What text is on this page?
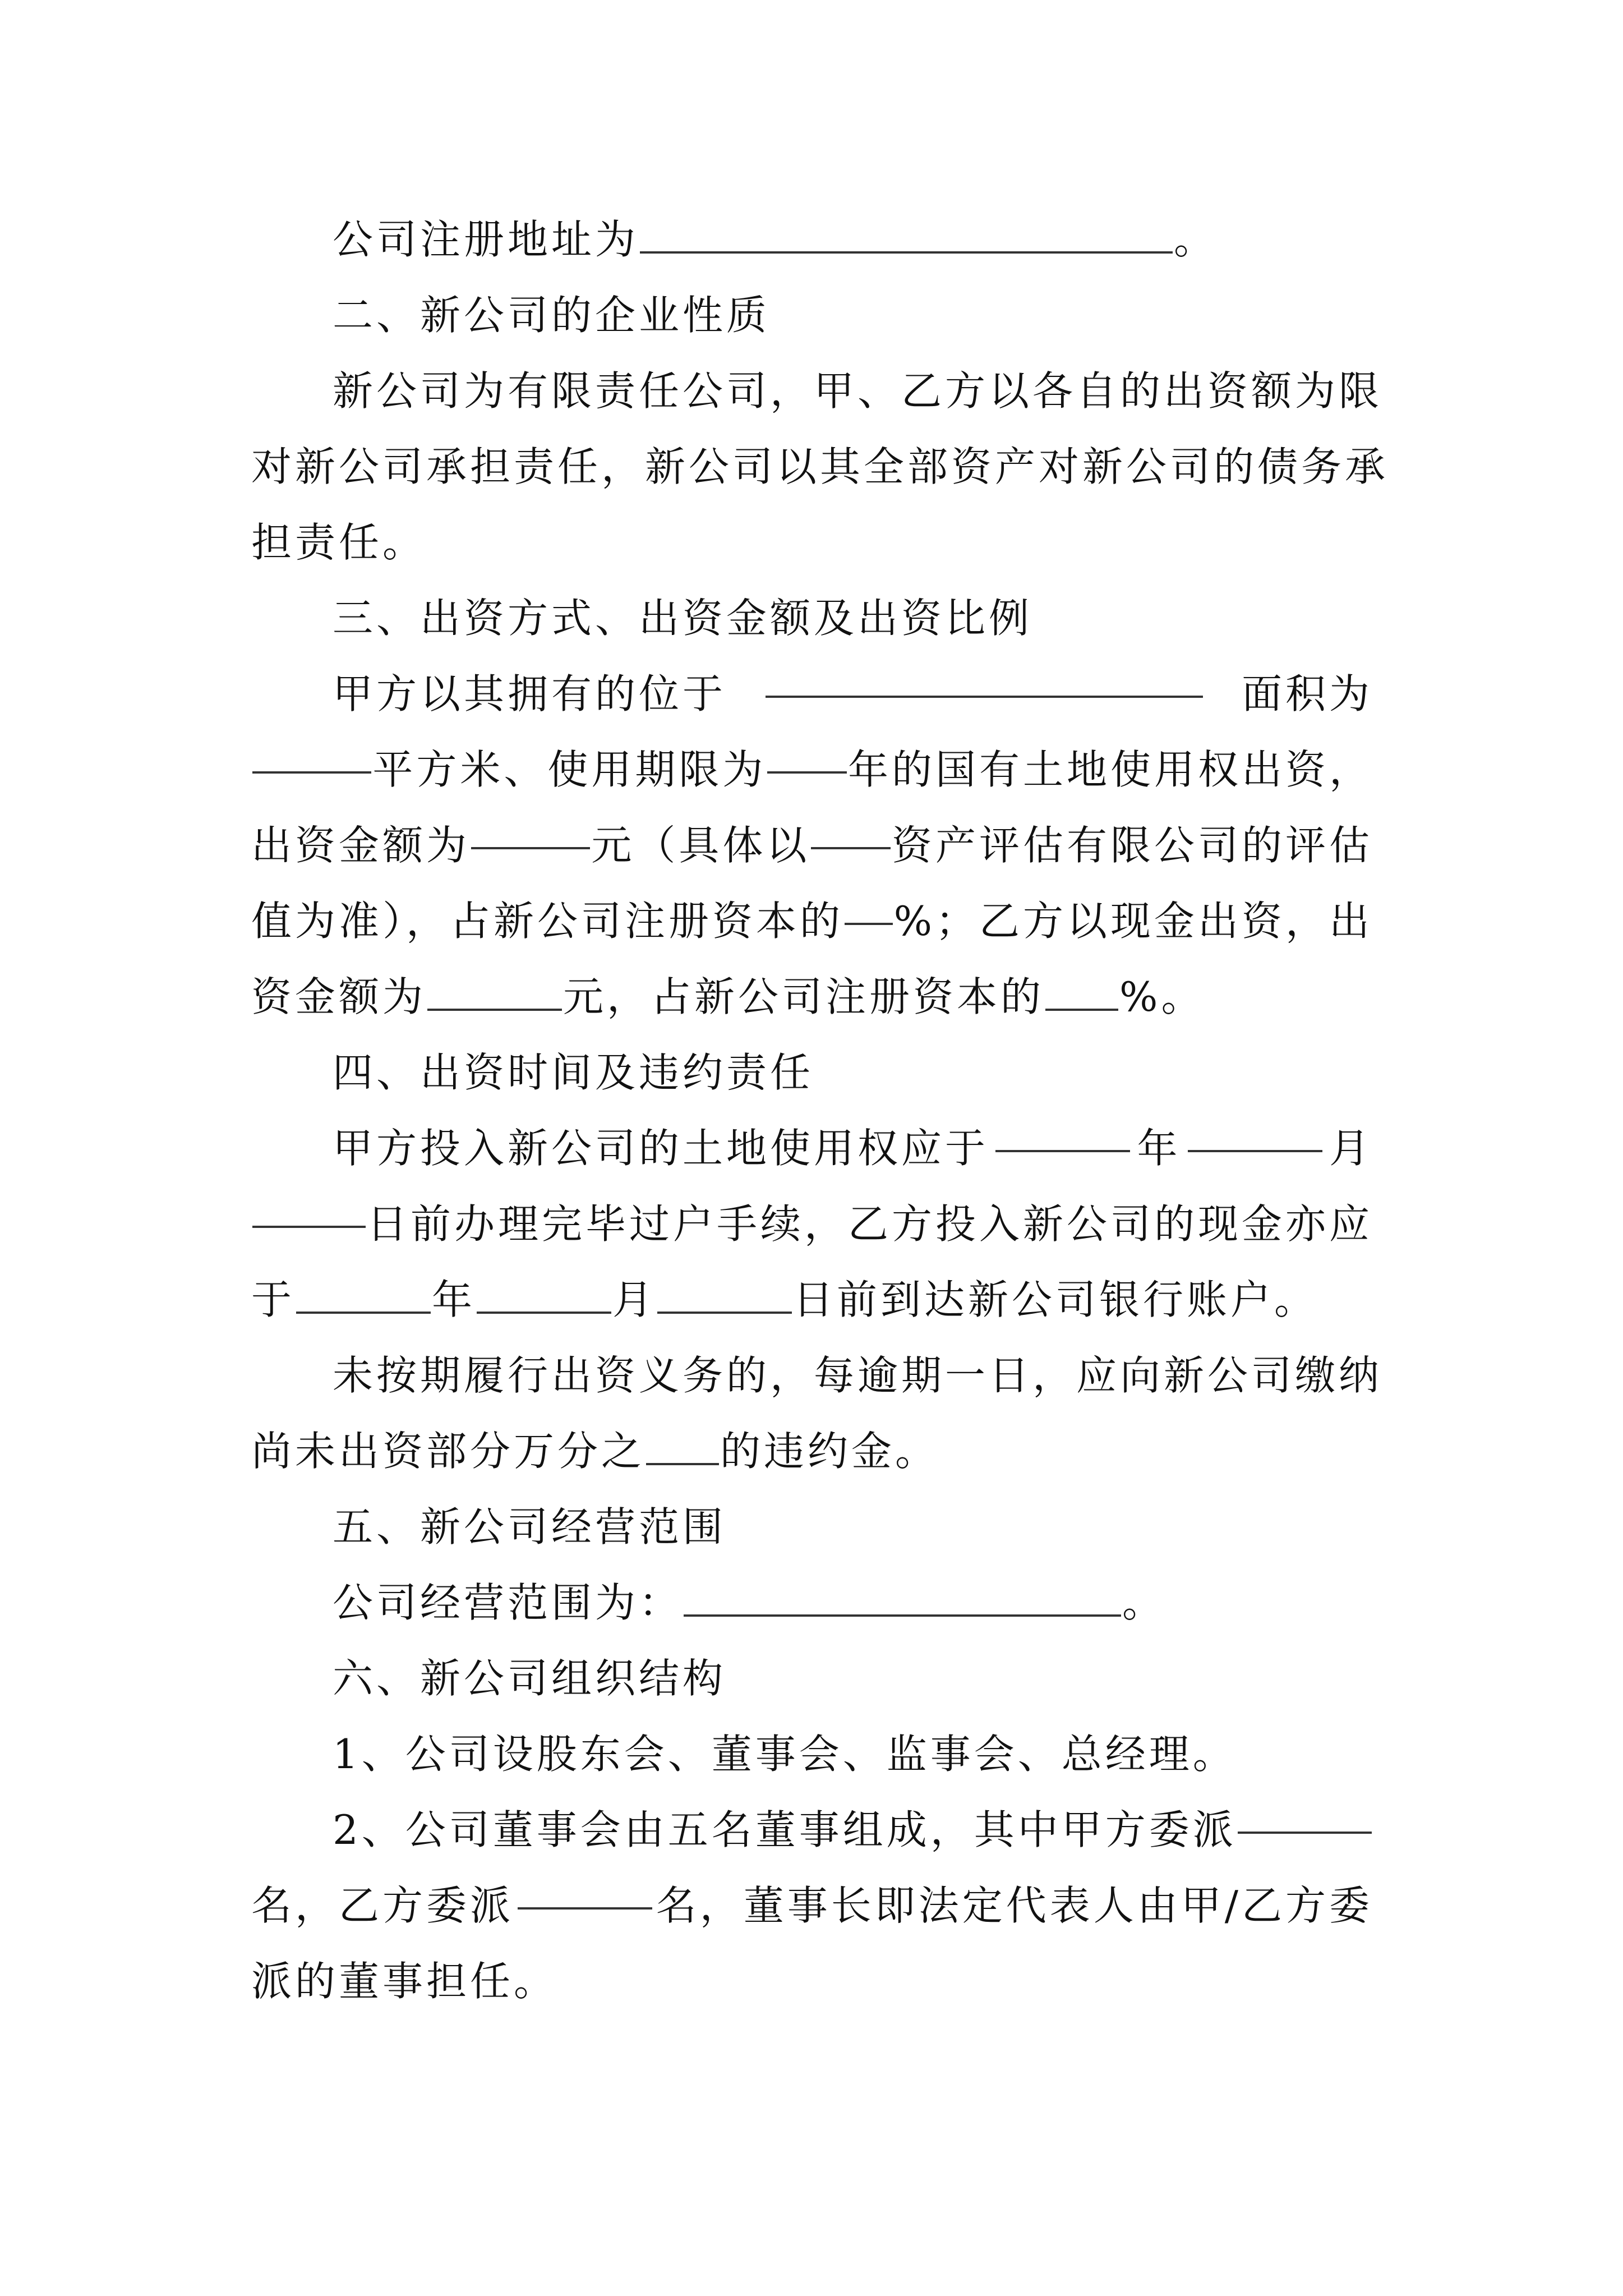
公司注册地址为	。
二、新公司的企业性质
新公司为有限责任公司，甲、乙方以各自的出资额为限
对新公司承担责任，新公司以其全部资产对新公司的债务承
担责任。
三、出资方式、出资金额及出资比例
甲方以其拥有的位于	面积为
平方米、使用期限为 年的国有土地使用权出资，
出资金额为	元（具体以 资产评估有限公司的评估
值为准），占新公司注册资本的 %；乙方以现金出资，出
资金额为	元，占新公司注册资本的 %。
四、出资时间及违约责任
甲方投入新公司的土地使用权应于	年	月
日前办理完毕过户手续，乙方投入新公司的现金亦应
于	年	月	日前到达新公司银行账户。
未按期履行出资义务的，每逾期一日，应向新公司缴纳
尚未出资部分万分之 的违约金。
五、新公司经营范围
公司经营范围为：	。
六、新公司组织结构
1、公司设股东会、董事会、监事会、总经理。
2、公司董事会由五名董事组成，其中甲方委派
名，乙方委派	名，董事长即法定代表人由甲/乙方委
派的董事担任。
